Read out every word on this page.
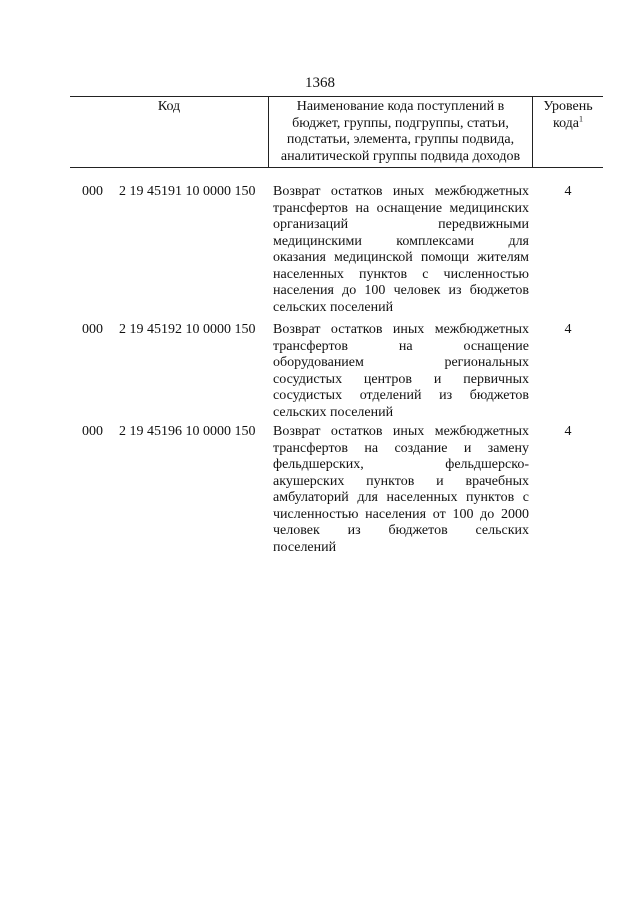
1368
Код	Наименование кода поступлений в
бюджет, группы, подгруппы, статьи,
подстатьи, элемента, группы подвида,
аналитической группы подвида доходов
Уровень
кода$^1$
000 2 19 45191 10 0000 150 Возврат остатков иных межбюджетных
трансфертов на оснащение медицинских
организаций передвижными
медицинскими комплексами для
оказания медицинской помощи жителям
населенных пунктов с численностью
населения до 100 человек из бюджетов
сельских поселений
4
000 2 19 45192 10 0000 150 Возврат остатков иных межбюджетных
трансфертов на оснащение
оборудованием региональных
сосудистых центров и первичных
сосудистых отделений из бюджетов
сельских поселений
4
000 2 19 45196 10 0000 150 Возврат остатков иных межбюджетных
трансфертов на создание и замену
фельдшерских, фельдшерско-
акушерских пунктов и врачебных
амбулаторий для населенных пунктов с
численностью населения от 100 до 2000
человек из бюджетов сельских
поселений
4
